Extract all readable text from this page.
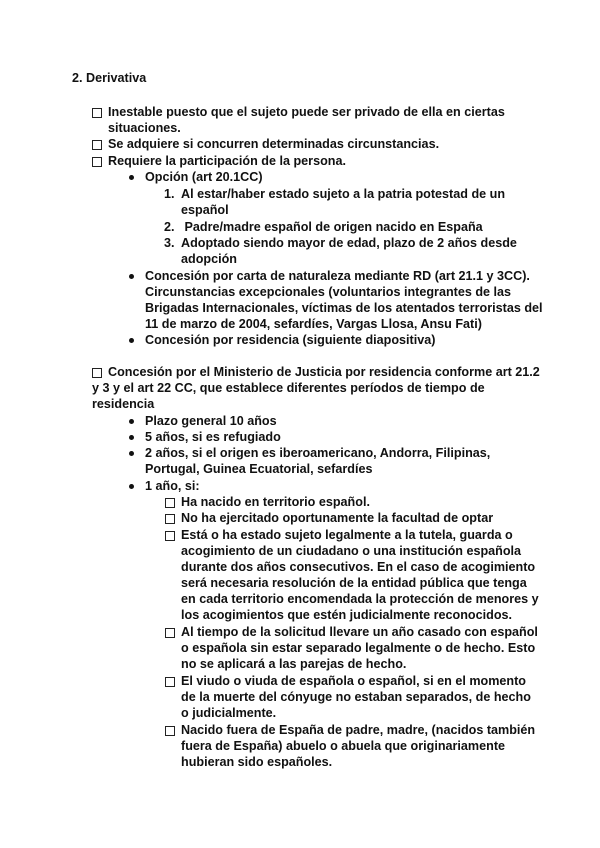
2. Derivativa
Inestable puesto que el sujeto puede ser privado de ella en ciertas
situaciones.
Se adquiere si concurren determinadas circunstancias.
Requiere la participación de la persona.
Opción (art 20.1CC)
1. Al estar/haber estado sujeto a la patria potestad de un
español
2. Padre/madre español de origen nacido en España
3. Adoptado siendo mayor de edad, plazo de 2 años desde
adopción
Concesión por carta de naturaleza mediante RD (art 21.1 y 3CC).
Circunstancias excepcionales (voluntarios integrantes de las
Brigadas Internacionales, víctimas de los atentados terroristas del
11 de marzo de 2004, sefardíes, Vargas Llosa, Ansu Fati)
Concesión por residencia (siguiente diapositiva)
Concesión por el Ministerio de Justicia por residencia conforme art 21.2
y 3 y el art 22 CC, que establece diferentes períodos de tiempo de
residencia
Plazo general 10 años
5 años, si es refugiado
2 años, si el origen es iberoamericano, Andorra, Filipinas,
Portugal, Guinea Ecuatorial, sefardíes
1 año, si:
Ha nacido en territorio español.
No ha ejercitado oportunamente la facultad de optar
Está o ha estado sujeto legalmente a la tutela, guarda o
acogimiento de un ciudadano o una institución española
durante dos años consecutivos. En el caso de acogimiento
será necesaria resolución de la entidad pública que tenga
en cada territorio encomendada la protección de menores y
los acogimientos que estén judicialmente reconocidos.
Al tiempo de la solicitud llevare un año casado con español
o española sin estar separado legalmente o de hecho. Esto
no se aplicará a las parejas de hecho.
El viudo o viuda de española o español, si en el momento
de la muerte del cónyuge no estaban separados, de hecho
o judicialmente.
Nacido fuera de España de padre, madre, (nacidos también
fuera de España) abuelo o abuela que originariamente
hubieran sido españoles.
